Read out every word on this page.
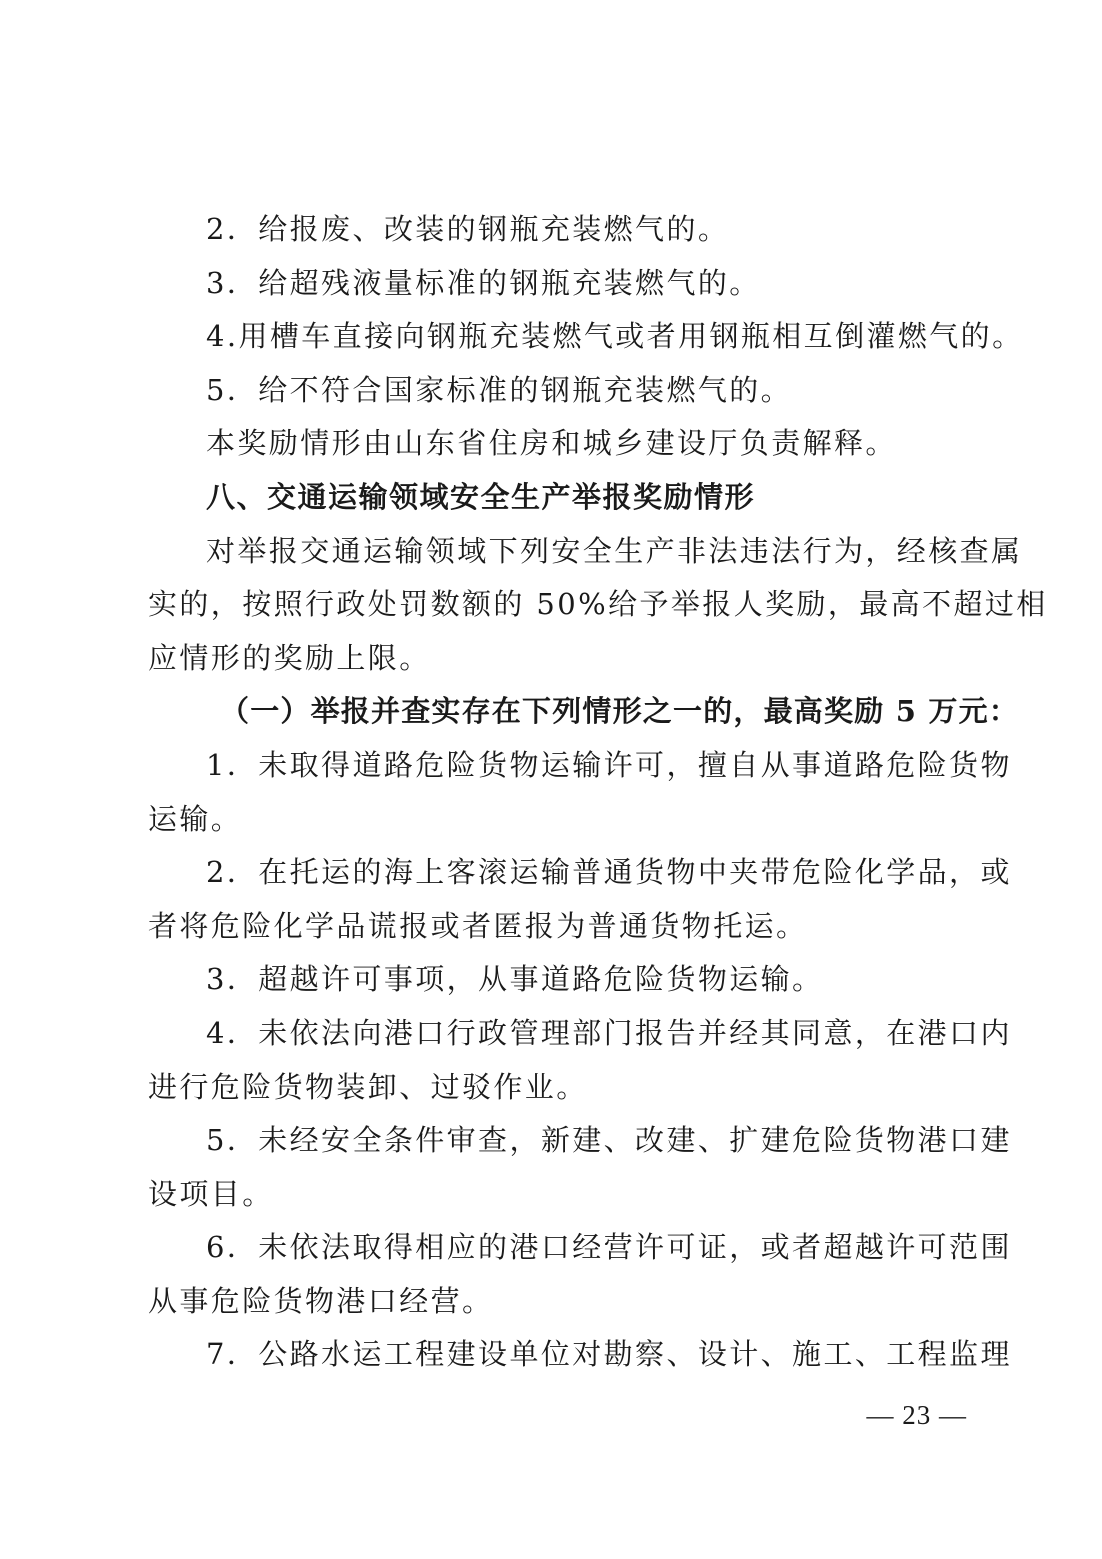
2．给报废、改装的钢瓶充装燃气的。

3．给超残液量标准的钢瓶充装燃气的。

4.用槽车直接向钢瓶充装燃气或者用钢瓶相互倒灌燃气的。

5．给不符合国家标准的钢瓶充装燃气的。

本奖励情形由山东省住房和城乡建设厅负责解释。

八、交通运输领域安全生产举报奖励情形

对举报交通运输领域下列安全生产非法违法行为，经核查属

实的，按照行政处罚数额的 50%给予举报人奖励，最高不超过相

应情形的奖励上限。

（一）举报并查实存在下列情形之一的，最高奖励 5 万元：

1．未取得道路危险货物运输许可，擅自从事道路危险货物

运输。

2．在托运的海上客滚运输普通货物中夹带危险化学品，或

者将危险化学品谎报或者匿报为普通货物托运。

3．超越许可事项，从事道路危险货物运输。

4．未依法向港口行政管理部门报告并经其同意，在港口内

进行危险货物装卸、过驳作业。

5．未经安全条件审查，新建、改建、扩建危险货物港口建

设项目。

6．未依法取得相应的港口经营许可证，或者超越许可范围

从事危险货物港口经营。

7．公路水运工程建设单位对勘察、设计、施工、工程监理

— 23 —
